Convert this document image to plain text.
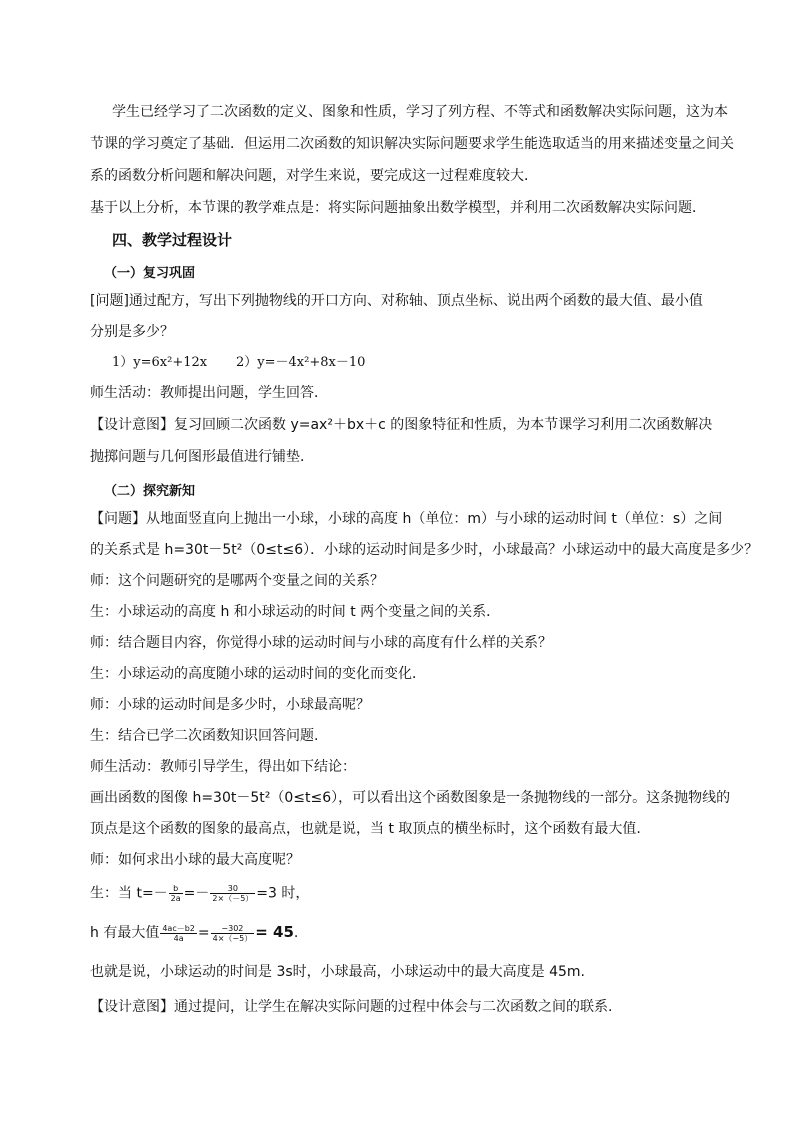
学生已经学习了二次函数的定义、图象和性质，学习了列方程、不等式和函数解决实际问题，这为本
节课的学习奠定了基础．但运用二次函数的知识解决实际问题要求学生能选取适当的用来描述变量之间关
系的函数分析问题和解决问题，对学生来说，要完成这一过程难度较大．
基于以上分析，本节课的教学难点是：将实际问题抽象出数学模型，并利用二次函数解决实际问题．
四、教学过程设计
（一）复习巩固
[问题]通过配方，写出下列抛物线的开口方向、对称轴、顶点坐标、说出两个函数的最大值、最小值
分别是多少？
1）y=6x²+12x	2）y=－4x²+8x－10
师生活动：教师提出问题，学生回答．
【设计意图】复习回顾二次函数 y=ax²＋bx＋c 的图象特征和性质，为本节课学习利用二次函数解决
抛掷问题与几何图形最值进行铺垫．
（二）探究新知
【问题】从地面竖直向上抛出一小球，小球的高度 h（单位：m）与小球的运动时间 t（单位：s）之间
的关系式是 h=30t－5t²（0≤t≤6）．小球的运动时间是多少时，小球最高？小球运动中的最大高度是多少？
师：这个问题研究的是哪两个变量之间的关系？
生：小球运动的高度 h 和小球运动的时间 t 两个变量之间的关系．
师：结合题目内容，你觉得小球的运动时间与小球的高度有什么样的关系？
生：小球运动的高度随小球的运动时间的变化而变化．
师：小球的运动时间是多少时，小球最高呢？
生：结合已学二次函数知识回答问题.
师生活动：教师引导学生，得出如下结论：
画出函数的图像 h=30t－5t²（0≤t≤6），可以看出这个函数图象是一条抛物线的一部分。这条抛物线的
顶点是这个函数的图象的最高点，也就是说，当 t 取顶点的横坐标时，这个函数有最大值.
师：如何求出小球的最大高度呢？
生：当 $t=- \frac{b}{2a} =- \frac{30}{2\times(-5)} =3$ 时，
h 有最大值 $\frac{4ac-b2}{4a} = \frac{-302}{4\times(-5)} = 45$.
也就是说，小球运动的时间是 3s时，小球最高，小球运动中的最大高度是 45m.
【设计意图】通过提问，让学生在解决实际问题的过程中体会与二次函数之间的联系.
